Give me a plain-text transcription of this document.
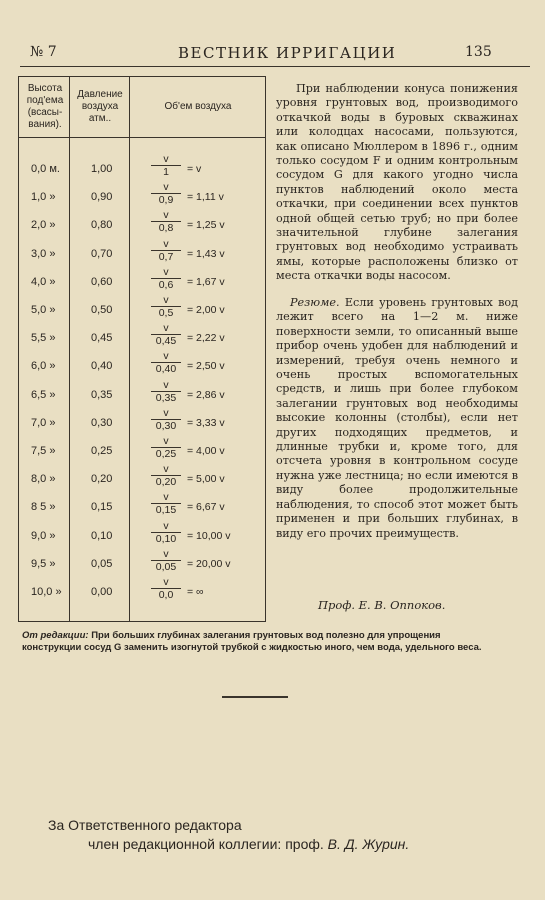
№ 7	ВЕСТНИК ИРРИГАЦИИ	135
Высота под'ема (всасы-вания).
Давление воздуха атм..
Об'ем воздуха
0,0 м.	1,00	$\frac{v}{1} = v$
1,0 »	0,90	$\frac{v}{0,9} = 1,11$ v
2,0 »	0,80	$\frac{v}{0,8} = 1,25$ v
3,0 »	0,70	$\frac{v}{0,7} = 1,43$ v
4,0 »	0,60	$\frac{v}{0,6} = 1,67$ v
5,0 »	0,50	$\frac{v}{0,5} = 2,00$ v
5,5 »	0,45	$\frac{v}{0,45} = 2,22$ v
6,0 »	0,40	$\frac{v}{0,40} = 2,50$ v
6,5 »	0,35	$\frac{v}{0,35} = 2,86$ v
7,0 »	0,30	$\frac{v}{0,30} = 3,33$ v
7,5 »	0,25	$\frac{v}{0,25} = 4,00$ v
8,0 »	0,20	$\frac{v}{0,20} = 5,00$ v
8 5 »	0,15	$\frac{v}{0,15} = 6,67$ v
9,0 »	0,10	$\frac{v}{0,10} = 10,00$ v
9,5 »	0,05	$\frac{v}{0,05} = 20,00$ v
10,0 »	0,00	$\frac{v}{0,0}$ = ∞
При наблюдении конуса понижения уровня грунтовых вод, производимого откачкой воды в буровых скважинах или колодцах насосами, пользуются, как описано Мюллером в 1896 г., одним только сосудом F и одним контрольным сосудом G для какого угодно числа пунктов наблюдений около места откачки, при соединении всех пунктов одной общей сетью труб; но при более значительной глубине залегания грунтовых вод необходимо устраивать ямы, которые расположены близко от места откачки воды насосом.
Резюме. Если уровень грунтовых вод лежит всего на 1—2 м. ниже поверхности земли, то описанный выше прибор очень удобен для наблюдений и измерений, требуя очень немного и очень простых вспомогательных средств, и лишь при более глубоком залегании грунтовых вод необходимы высокие колонны (столбы), если нет других подходящих предметов, и длинные трубки и, кроме того, для отсчета уровня в контрольном сосуде нужна уже лестница; но если имеются в виду более продолжительные наблюдения, то способ этот может быть применен и при больших глубинах, в виду его прочих преимуществ.
Проф. Е. В. Оппоков.
От редакции: При больших глубинах залегания грунтовых вод полезно для упрощения конструкции сосуд G заменить изогнутой трубкой с жидкостью иного, чем вода, удельного веса.
За Ответственного редактора
член редакционной коллегии: проф. В. Д. Журин.
